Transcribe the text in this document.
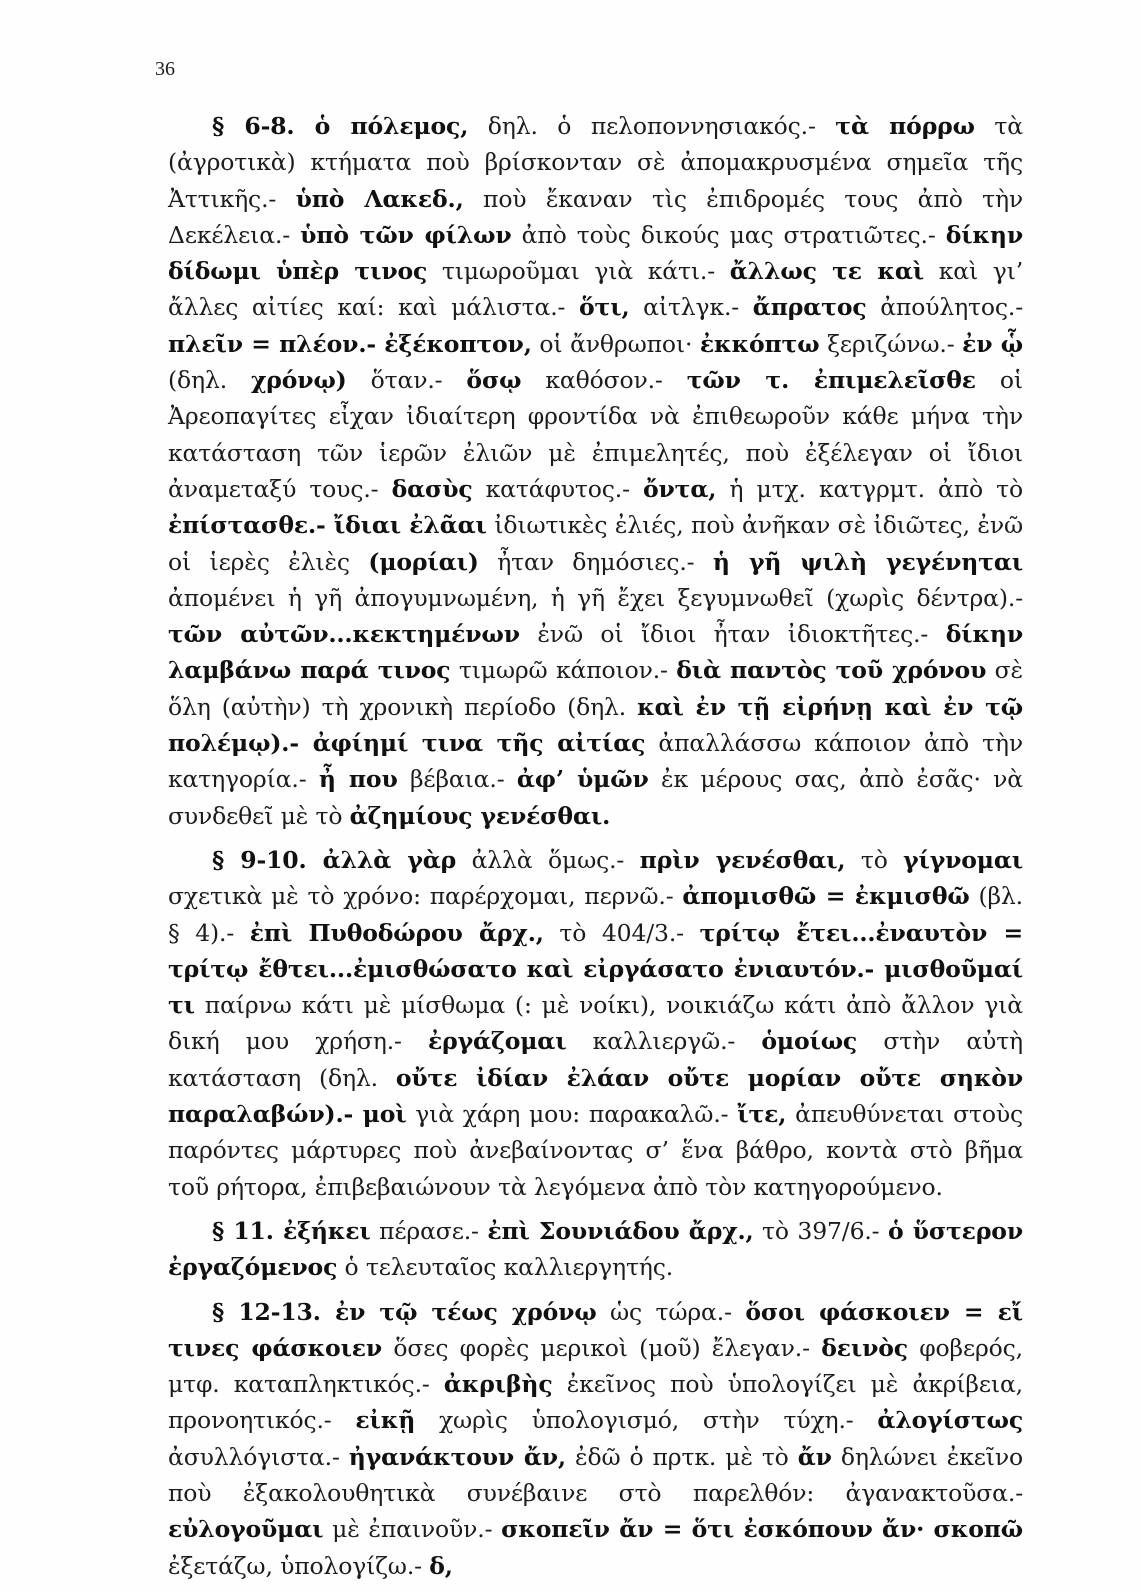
36

§ 6-8. ὁ πόλεμος, δηλ. ὁ πελοποννησιακός.- τὰ πόρρω τὰ (ἀγροτικὰ) κτήματα ποὺ βρίσκονταν σὲ ἀπομακρυσμένα σημεῖα τῆς Ἀττικῆς.- ὑπὸ Λακεδ., ποὺ ἔκαναν τὶς ἐπιδρομές τους ἀπὸ τὴν Δεκέλεια.- ὑπὸ τῶν φίλων ἀπὸ τοὺς δικούς μας στρατιῶτες.- δίκην δίδωμι ὑπὲρ τινος τιμωροῦμαι γιὰ κάτι.- ἄλλως τε καὶ καὶ γι’ ἄλλες αἰτίες καί: καὶ μάλιστα.- ὅτι, αἰτλγκ.- ἄπρατος ἀπούλητος.- πλεῖν = πλέον.- ἐξέκοπτον, οἱ ἄνθρωποι· ἐκκόπτω ξεριζώνω.- ἐν ᾧ (δηλ. χρόνῳ) ὅταν.- ὅσῳ καθόσον.- τῶν τ. ἐπιμελεῖσθε οἱ Ἀρεοπαγίτες εἶχαν ἰδιαίτερη φροντίδα νὰ ἐπιθεωροῦν κάθε μήνα τὴν κατάσταση τῶν ἱερῶν ἐλιῶν μὲ ἐπιμελητές, ποὺ ἐξέλεγαν οἱ ἴδιοι ἀναμεταξύ τους.- δασὺς κατάφυτος.- ὄντα, ἡ μτχ. κατγρμτ. ἀπὸ τὸ ἐπίστασθε.- ἴδιαι ἐλᾶαι ἰδιωτικὲς ἐλιές, ποὺ ἀνῆκαν σὲ ἰδιῶτες, ἐνῶ οἱ ἱερὲς ἐλιὲς (μορίαι) ἦταν δημόσιες.- ἡ γῆ ψιλὴ γεγένηται ἀπομένει ἡ γῆ ἀπογυμνωμένη, ἡ γῆ ἔχει ξεγυμνωθεῖ (χωρὶς δέντρα).- τῶν αὐτῶν...κεκτημένων ἐνῶ οἱ ἴδιοι ἦταν ἰδιοκτῆτες.- δίκην λαμβάνω παρά τινος τιμωρῶ κάποιον.- διὰ παντὸς τοῦ χρόνου σὲ ὅλη (αὐτὴν) τὴ χρονικὴ περίοδο (δηλ. καὶ ἐν τῇ εἰρήνῃ καὶ ἐν τῷ πολέμῳ).- ἀφίημί τινα τῆς αἰτίας ἀπαλλάσσω κάποιον ἀπὸ τὴν κατηγορία.- ἦ που βέβαια.- ἀφ’ ὑμῶν ἐκ μέρους σας, ἀπὸ ἐσᾶς· νὰ συνδεθεῖ μὲ τὸ ἀζημίους γενέσθαι.

§ 9-10. ἀλλὰ γὰρ ἀλλὰ ὅμως.- πρὶν γενέσθαι, τὸ γίγνομαι σχετικὰ μὲ τὸ χρόνο: παρέρχομαι, περνῶ.- ἀπομισθῶ = ἐκμισθῶ (βλ. § 4).- ἐπὶ Πυθοδώρου ἄρχ., τὸ 404/3.- τρίτῳ ἔτει...ἐναυτὸν = τρίτῳ ἔθτει...ἐμισθώσατο καὶ εἰργάσατο ἐνιαυτόν.- μισθοῦμαί τι παίρνω κάτι μὲ μίσθωμα (: μὲ νοίκι), νοικιάζω κάτι ἀπὸ ἄλλον γιὰ δική μου χρήση.- ἐργάζομαι καλλιεργῶ.- ὁμοίως στὴν αὐτὴ κατάσταση (δηλ. οὔτε ἰδίαν ἐλάαν οὔτε μορίαν οὔτε σηκὸν παραλαβών).- μοὶ γιὰ χάρη μου: παρακαλῶ.- ἴτε, ἀπευθύνεται στοὺς παρόντες μάρτυρες ποὺ ἀνεβαίνοντας σ’ ἕνα βάθρο, κοντὰ στὸ βῆμα τοῦ ρήτορα, ἐπιβεβαιώνουν τὰ λεγόμενα ἀπὸ τὸν κατηγορούμενο.

§ 11. ἐξήκει πέρασε.- ἐπὶ Σουνιάδου ἄρχ., τὸ 397/6.- ὁ ὕστερον ἐργαζόμενος ὁ τελευταῖος καλλιεργητής.

§ 12-13. ἐν τῷ τέως χρόνῳ ὡς τώρα.- ὅσοι φάσκοιεν = εἴ τινες φάσκοιεν ὅσες φορὲς μερικοὶ (μοῦ) ἔλεγαν.- δεινὸς φοβερός, μτφ. καταπληκτικός.- ἀκριβὴς ἐκεῖνος ποὺ ὑπολογίζει μὲ ἀκρίβεια, προνοητικός.- εἰκῇ χωρὶς ὑπολογισμό, στὴν τύχη.- ἀλογίστως ἀσυλλόγιστα.- ἠγανάκτουν ἄν, ἐδῶ ὁ πρτκ. μὲ τὸ ἄν δηλώνει ἐκεῖνο ποὺ ἐξακολουθητικὰ συνέβαινε στὸ παρελθόν: ἀγανακτοῦσα.- εὐλογοῦμαι μὲ ἐπαινοῦν.- σκοπεῖν ἄν = ὅτι ἐσκόπουν ἄν· σκοπῶ ἐξετάζω, ὑπολογίζω.- δ,
